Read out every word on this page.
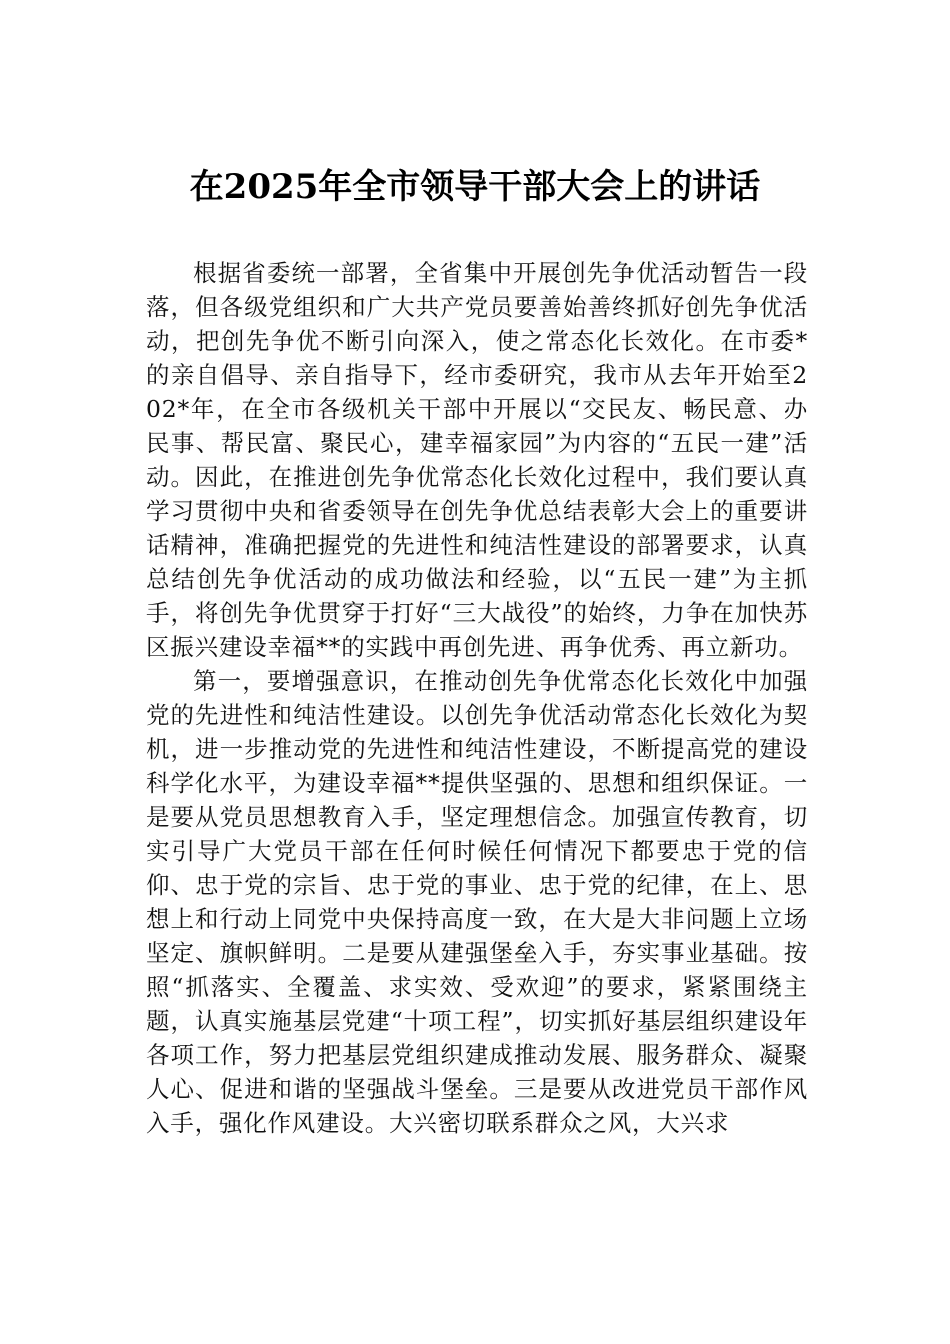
在2025年全市领导干部大会上的讲话

根据省委统一部署，全省集中开展创先争优活动暂告一段落，但各级党组织和广大共产党员要善始善终抓好创先争优活动，把创先争优不断引向深入，使之常态化长效化。在市委*的亲自倡导、亲自指导下，经市委研究，我市从去年开始至202*年，在全市各级机关干部中开展以“交民友、畅民意、办民事、帮民富、聚民心，建幸福家园”为内容的“五民一建”活动。因此，在推进创先争优常态化长效化过程中，我们要认真学习贯彻中央和省委领导在创先争优总结表彰大会上的重要讲话精神，准确把握党的先进性和纯洁性建设的部署要求，认真总结创先争优活动的成功做法和经验，以“五民一建”为主抓手，将创先争优贯穿于打好“三大战役”的始终，力争在加快苏区振兴建设幸福**的实践中再创先进、再争优秀、再立新功。

第一，要增强意识，在推动创先争优常态化长效化中加强党的先进性和纯洁性建设。以创先争优活动常态化长效化为契机，进一步推动党的先进性和纯洁性建设，不断提高党的建设科学化水平，为建设幸福**提供坚强的、思想和组织保证。一是要从党员思想教育入手，坚定理想信念。加强宣传教育，切实引导广大党员干部在任何时候任何情况下都要忠于党的信仰、忠于党的宗旨、忠于党的事业、忠于党的纪律，在上、思想上和行动上同党中央保持高度一致，在大是大非问题上立场坚定、旗帜鲜明。二是要从建强堡垒入手，夯实事业基础。按照“抓落实、全覆盖、求实效、受欢迎”的要求，紧紧围绕主题，认真实施基层党建“十项工程”，切实抓好基层组织建设年各项工作，努力把基层党组织建成推动发展、服务群众、凝聚人心、促进和谐的坚强战斗堡垒。三是要从改进党员干部作风入手，强化作风建设。大兴密切联系群众之风，大兴求
